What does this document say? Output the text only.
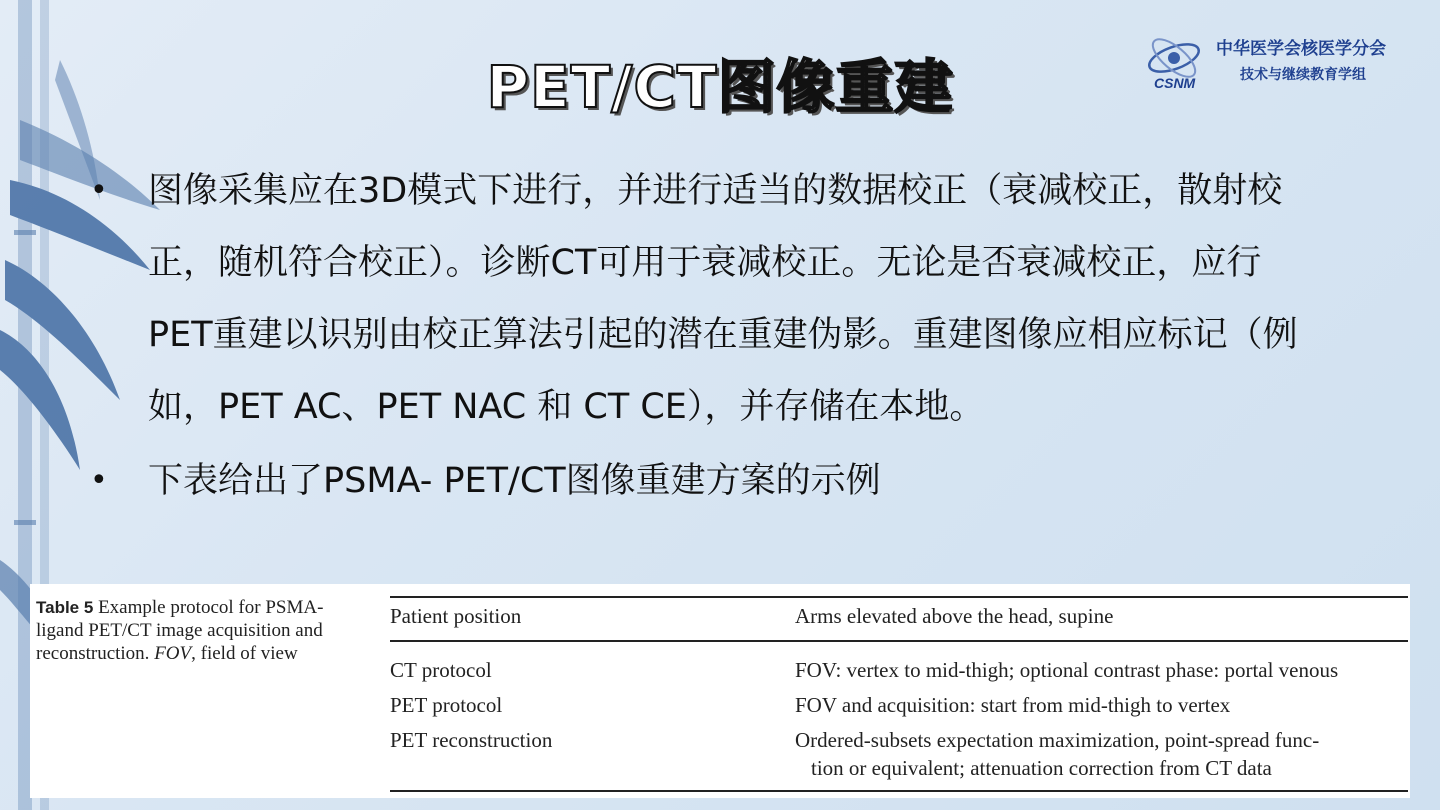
PET/CT图像重建	CSNM
中华医学会核医学分会
技术与继续教育学组
• 图像采集应在3D模式下进行，并进行适当的数据校正（衰减校正，散射校正，随机符合校正）。诊断CT可用于衰减校正。无论是否衰减校正，应行PET重建以识别由校正算法引起的潜在重建伪影。重建图像应相应标记（例如，PET AC、PET NAC 和 CT CE），并存储在本地。
• 下表给出了PSMA- PET/CT图像重建方案的示例
Table 5 Example protocol for PSMA-ligand PET/CT image acquisition and reconstruction. FOV, field of view
Patient position	Arms elevated above the head, supine
CT protocol	FOV: vertex to mid-thigh; optional contrast phase: portal venous
PET protocol	FOV and acquisition: start from mid-thigh to vertex
PET reconstruction	Ordered-subsets expectation maximization, point-spread func-
tion or equivalent; attenuation correction from CT data
